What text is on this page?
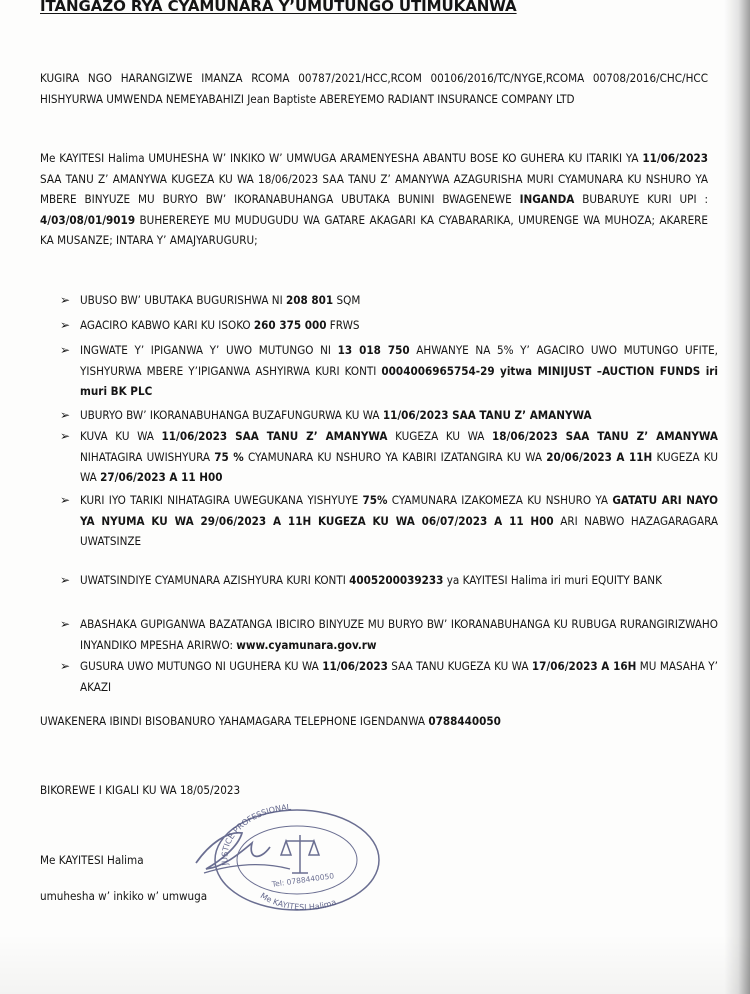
ITANGAZO RYA CYAMUNARA Y’UMUTUNGO UTIMUKANWA

KUGIRA NGO HARANGIZWE IMANZA RCOMA 00787/2021/HCC,RCOM 00106/2016/TC/NYGE,RCOMA 00708/2016/CHC/HCC HISHYURWA UMWENDA NEMEYABAHIZI Jean Baptiste ABEREYEMO RADIANT INSURANCE COMPANY LTD

Me KAYITESI Halima UMUHESHA W’ INKIKO W’ UMWUGA ARAMENYESHA ABANTU BOSE KO GUHERA KU ITARIKI YA 11/06/2023 SAA TANU Z’ AMANYWA KUGEZA KU WA 18/06/2023 SAA TANU Z’ AMANYWA AZAGURISHA MURI CYAMUNARA KU NSHURO YA MBERE BINYUZE MU BURYO BW’ IKORANABUHANGA UBUTAKA BUNINI BWAGENEWE INGANDA BUBARUYE KURI UPI : 4/03/08/01/9019 BUHEREREYE MU MUDUGUDU WA GATARE AKAGARI KA CYABARARIKA, UMURENGE WA MUHOZA; AKARERE KA MUSANZE; INTARA Y’ AMAJYARUGURU;

➢ UBUSO BW’ UBUTAKA BUGURISHWA NI 208 801 SQM

➢ AGACIRO KABWO KARI KU ISOKO 260 375 000 FRWS

➢ INGWATE Y’ IPIGANWA Y’ UWO MUTUNGO NI 13 018 750 AHWANYE NA 5% Y’ AGACIRO UWO MUTUNGO UFITE, YISHYURWA MBERE Y’IPIGANWA ASHYIRWA KURI KONTI 0004006965754-29 yitwa MINIJUST –AUCTION FUNDS iri muri BK PLC

➢ UBURYO BW’ IKORANABUHANGA BUZAFUNGURWA KU WA 11/06/2023 SAA TANU Z’ AMANYWA

➢ KUVA KU WA 11/06/2023 SAA TANU Z’ AMANYWA KUGEZA KU WA 18/06/2023 SAA TANU Z’ AMANYWA NIHATAGIRA UWISHYURA 75 % CYAMUNARA KU NSHURO YA KABIRI IZATANGIRA KU WA 20/06/2023 A 11H KUGEZA KU WA 27/06/2023 A 11 H00

➢ KURI IYO TARIKI NIHATAGIRA UWEGUKANA YISHYUYE 75% CYAMUNARA IZAKOMEZA KU NSHURO YA GATATU ARI NAYO YA NYUMA KU WA 29/06/2023 A 11H KUGEZA KU WA 06/07/2023 A 11 H00 ARI NABWO HAZAGARAGARA UWATSINZE

➢ UWATSINDIYE CYAMUNARA AZISHYURA KURI KONTI 4005200039233 ya KAYITESI Halima iri muri EQUITY BANK

➢ ABASHAKA GUPIGANWA BAZATANGA IBICIRO BINYUZE MU BURYO BW’ IKORANABUHANGA KU RUBUGA RURANGIRIZWAHO INYANDIKO MPESHA ARIRWO: www.cyamunara.gov.rw

➢ GUSURA UWO MUTUNGO NI UGUHERA KU WA 11/06/2023 SAA TANU KUGEZA KU WA 17/06/2023 A 16H MU MASAHA Y’ AKAZI

UWAKENERA IBINDI BISOBANURO YAHAMAGARA TELEPHONE IGENDANWA 0788440050

BIKOREWE I KIGALI KU WA 18/05/2023

Me KAYITESI Halima

umuhesha w’ inkiko w’ umwuga

JUSTICE PROFESSIONAL
Me KAYITESI Halima
Tel: 0788440050
